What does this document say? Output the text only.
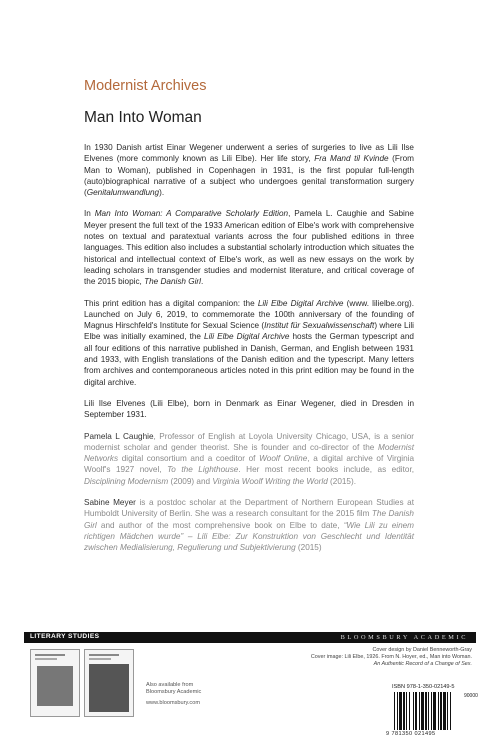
Modernist Archives
Man Into Woman

In 1930 Danish artist Einar Wegener underwent a series of surgeries to live as Lili Ilse Elvenes (more commonly known as Lili Elbe). Her life story, Fra Mand til Kvinde (From Man to Woman), published in Copenhagen in 1931, is the first popular full-length (auto)biographical narrative of a subject who undergoes genital transformation surgery (Genitalumwandlung).

In Man Into Woman: A Comparative Scholarly Edition, Pamela L. Caughie and Sabine Meyer present the full text of the 1933 American edition of Elbe's work with comprehensive notes on textual and paratextual variants across the four published editions in three languages. This edition also includes a substantial scholarly introduction which situates the historical and intellectual context of Elbe's work, as well as new essays on the work by leading scholars in transgender studies and modernist literature, and critical coverage of the 2015 biopic, The Danish Girl.

This print edition has a digital companion: the Lili Elbe Digital Archive (www. lilielbe.org). Launched on July 6, 2019, to commemorate the 100th anniversary of the founding of Magnus Hirschfeld's Institute for Sexual Science (Institut für Sexualwissenschaft) where Lili Elbe was initially examined, the Lili Elbe Digital Archive hosts the German typescript and all four editions of this narrative published in Danish, German, and English between 1931 and 1933, with English translations of the Danish edition and the typescript. Many letters from archives and contemporaneous articles noted in this print edition may be found in the digital archive.

Lili Ilse Elvenes (Lili Elbe), born in Denmark as Einar Wegener, died in Dresden in September 1931.

Pamela L Caughie, Professor of English at Loyola University Chicago, USA, is a senior modernist scholar and gender theorist. She is founder and co-director of the Modernist Networks digital consortium and a coeditor of Woolf Online, a digital archive of Virginia Woolf's 1927 novel, To the Lighthouse. Her most recent books include, as editor, Disciplining Modernism (2009) and Virginia Woolf Writing the World (2015).

Sabine Meyer is a postdoc scholar at the Department of Northern European Studies at Humboldt University of Berlin. She was a research consultant for the 2015 film The Danish Girl and author of the most comprehensive book on Elbe to date, “Wie Lili zu einem richtigen Mädchen wurde” – Lili Elbe: Zur Konstruktion von Geschlecht und Identität zwischen Medialisierung, Regulierung und Subjektivierung (2015)

LITERARY STUDIES	BLOOMSBURY ACADEMIC
Also available from
Bloomsbury Academic
www.bloomsbury.com
Cover design by Daniel Benneworth-Gray
Cover image: Lili Elbe, 1926. From N. Hoyer, ed., Man into Woman.
An Authentic Record of a Change of Sex.
ISBN 978-1-350-02149-5
9 781350 021495
90000
